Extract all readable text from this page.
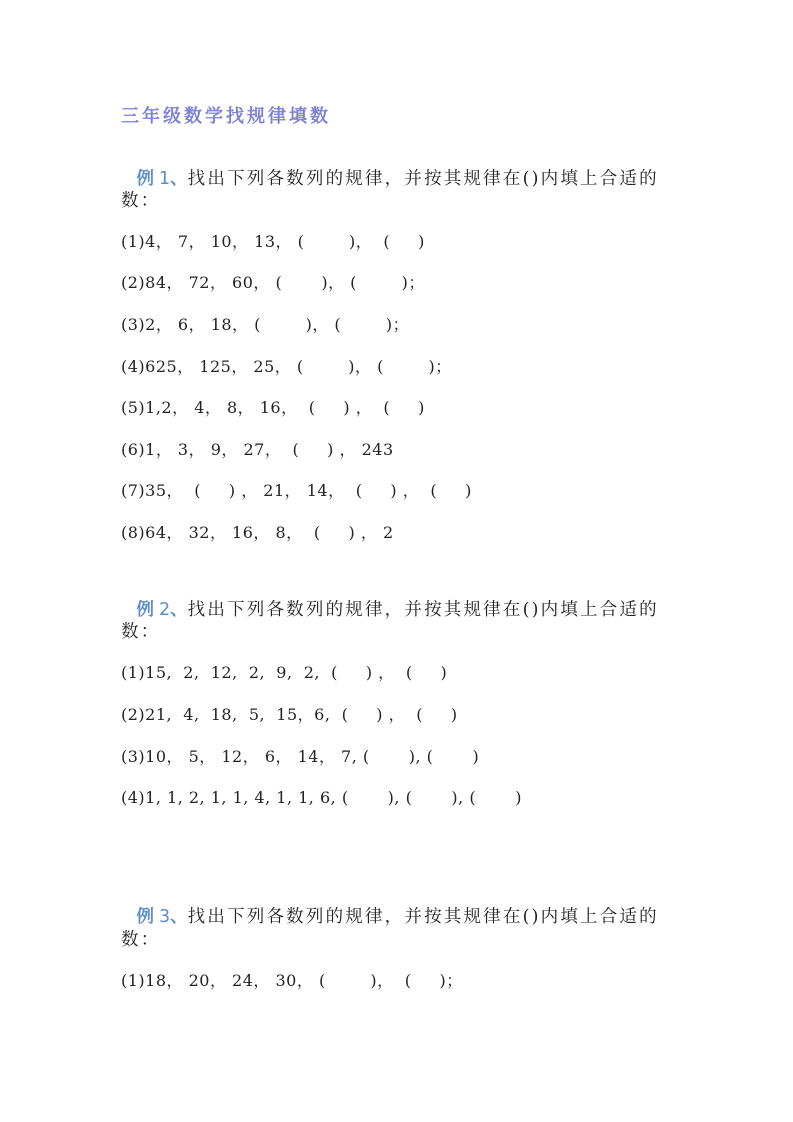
三年级数学找规律填数

例 1、找出下列各数列的规律，并按其规律在()内填上合适的

数：
(1)4， 7， 10， 13， (        )，  (     )
(2)84， 72， 60， (       )， (        )；
(3)2， 6， 18， (        )， (        )；
(4)625， 125， 25， (        )， (        )；
(5)1,2， 4， 8， 16，  (     ) ，  (     )
(6)1， 3， 9， 27，  (     ) ， 243
(7)35，  (     ) ， 21， 14，  (     ) ，  (     )
(8)64， 32， 16， 8，  (     ) ， 2

例 2、找出下列各数列的规律，并按其规律在()内填上合适的

数：
(1)15,  2,  12,  2,  9,  2,  (     ) ，  (     )
(2)21,  4,  18,  5,  15，6,  (     ) ，  (     )
(3)10， 5， 12， 6， 14， 7, (       ), (       )
(4)1, 1, 2, 1, 1, 4, 1, 1, 6, (       ), (       ), (       )

例 3、找出下列各数列的规律，并按其规律在()内填上合适的

数：
(1)18， 20， 24， 30， (        )，  (     )；
